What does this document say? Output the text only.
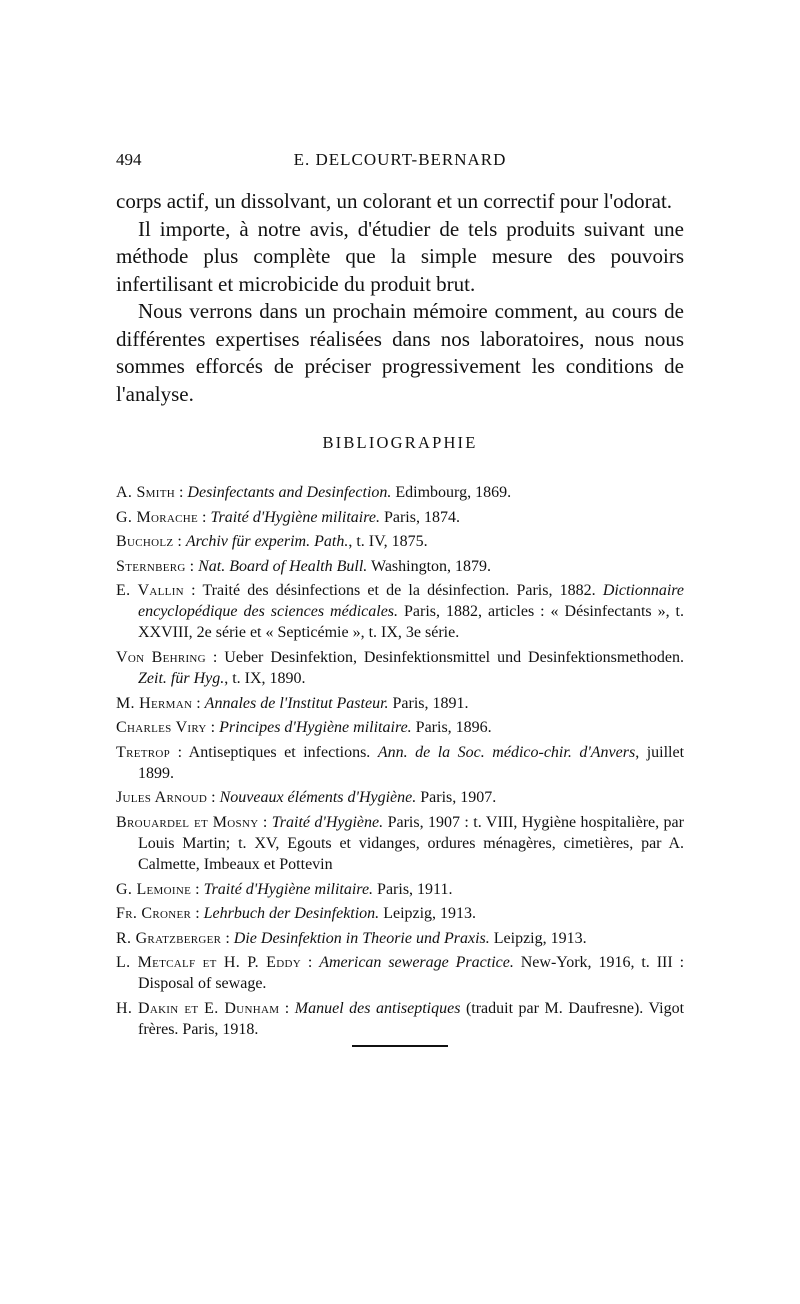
494	E. DELCOURT-BERNARD

corps actif, un dissolvant, un colorant et un correctif pour l'odorat.

Il importe, à notre avis, d'étudier de tels produits suivant une méthode plus complète que la simple mesure des pouvoirs infertilisant et microbicide du produit brut.

Nous verrons dans un prochain mémoire comment, au cours de différentes expertises réalisées dans nos laboratoires, nous nous sommes efforcés de préciser progressivement les conditions de l'analyse.

BIBLIOGRAPHIE

A. Smith : Desinfectants and Desinfection. Edimbourg, 1869.

G. Morache : Traité d'Hygiène militaire. Paris, 1874.

Bucholz : Archiv für experim. Path., t. IV, 1875.

Sternberg : Nat. Board of Health Bull. Washington, 1879.

E. Vallin : Traité des désinfections et de la désinfection. Paris, 1882. Dictionnaire encyclopédique des sciences médicales. Paris, 1882, articles : « Désinfectants », t. XXVIII, 2e série et « Septicémie », t. IX, 3e série.

Von Behring : Ueber Desinfektion, Desinfektionsmittel und Desinfektionsmethoden. Zeit. für Hyg., t. IX, 1890.

M. Herman : Annales de l'Institut Pasteur. Paris, 1891.

Charles Viry : Principes d'Hygiène militaire. Paris, 1896.

Tretrop : Antiseptiques et infections. Ann. de la Soc. médico-chir. d'Anvers, juillet 1899.

Jules Arnoud : Nouveaux éléments d'Hygiène. Paris, 1907.

Brouardel et Mosny : Traité d'Hygiène. Paris, 1907 : t. VIII, Hygiène hospitalière, par Louis Martin; t. XV, Egouts et vidanges, ordures ménagères, cimetières, par A. Calmette, Imbeaux et Pottevin

G. Lemoine : Traité d'Hygiène militaire. Paris, 1911.

Fr. Croner : Lehrbuch der Desinfektion. Leipzig, 1913.

R. Gratzberger : Die Desinfektion in Theorie und Praxis. Leipzig, 1913.

L. Metcalf et H. P. Eddy : American sewerage Practice. New-York, 1916, t. III : Disposal of sewage.

H. Dakin et E. Dunham : Manuel des antiseptiques (traduit par M. Daufresne). Vigot frères. Paris, 1918.
